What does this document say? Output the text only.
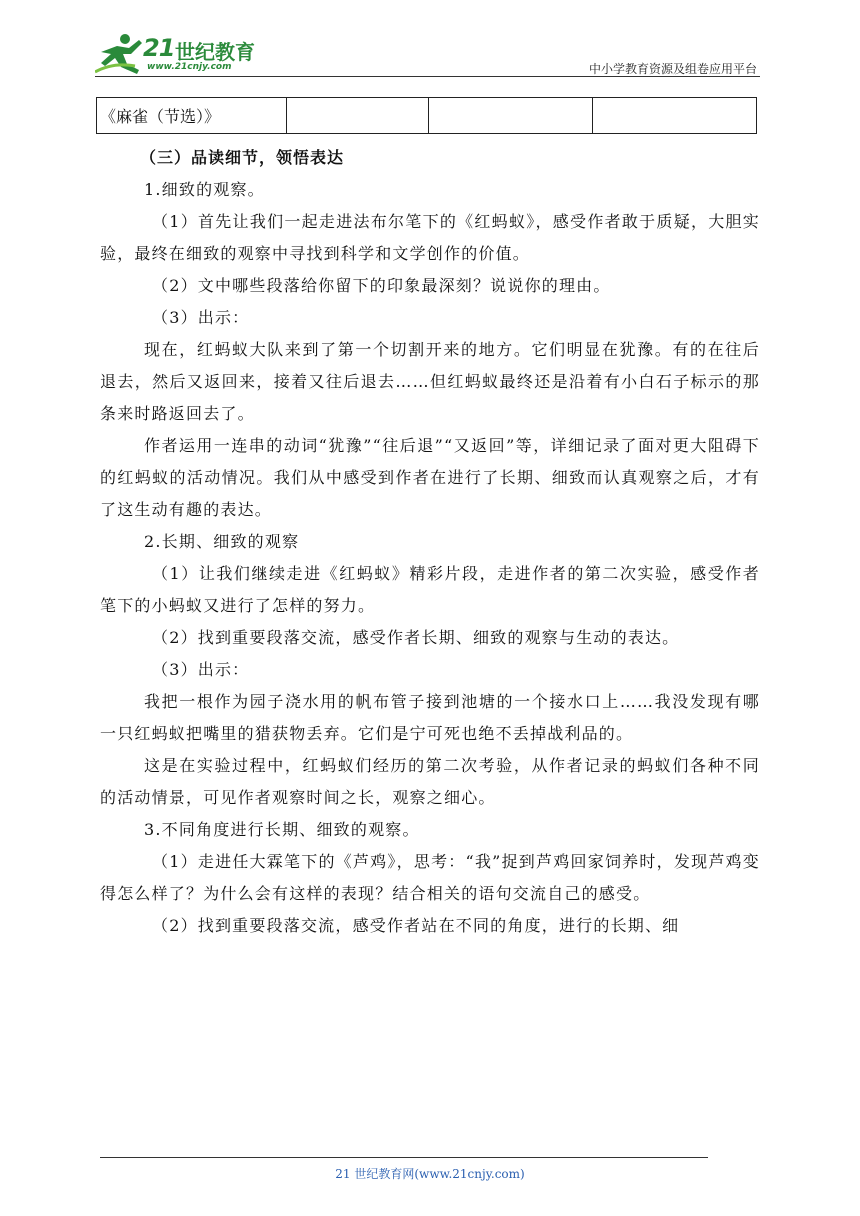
21 世纪教育
www.21cnjy.com	中小学教育资源及组卷应用平台
《麻雀（节选）》			

（三）品读细节，领悟表达

1.细致的观察。

（1）首先让我们一起走进法布尔笔下的《红蚂蚁》，感受作者敢于质疑，大胆实验，最终在细致的观察中寻找到科学和文学创作的价值。

（2）文中哪些段落给你留下的印象最深刻？说说你的理由。

（3）出示：

现在，红蚂蚁大队来到了第一个切割开来的地方。它们明显在犹豫。有的在往后退去，然后又返回来，接着又往后退去……但红蚂蚁最终还是沿着有小白石子标示的那条来时路返回去了。

作者运用一连串的动词“犹豫”“往后退”“又返回”等，详细记录了面对更大阻碍下的红蚂蚁的活动情况。我们从中感受到作者在进行了长期、细致而认真观察之后，才有了这生动有趣的表达。

2.长期、细致的观察

（1）让我们继续走进《红蚂蚁》精彩片段，走进作者的第二次实验，感受作者笔下的小蚂蚁又进行了怎样的努力。

（2）找到重要段落交流，感受作者长期、细致的观察与生动的表达。

（3）出示：

我把一根作为园子浇水用的帆布管子接到池塘的一个接水口上……我没发现有哪一只红蚂蚁把嘴里的猎获物丢弃。它们是宁可死也绝不丢掉战利品的。

这是在实验过程中，红蚂蚁们经历的第二次考验，从作者记录的蚂蚁们各种不同的活动情景，可见作者观察时间之长，观察之细心。

3.不同角度进行长期、细致的观察。

（1）走进任大霖笔下的《芦鸡》，思考：“我”捉到芦鸡回家饲养时，发现芦鸡变得怎么样了？为什么会有这样的表现？结合相关的语句交流自己的感受。

（2）找到重要段落交流，感受作者站在不同的角度，进行的长期、细

21 世纪教育网(www.21cnjy.com)
